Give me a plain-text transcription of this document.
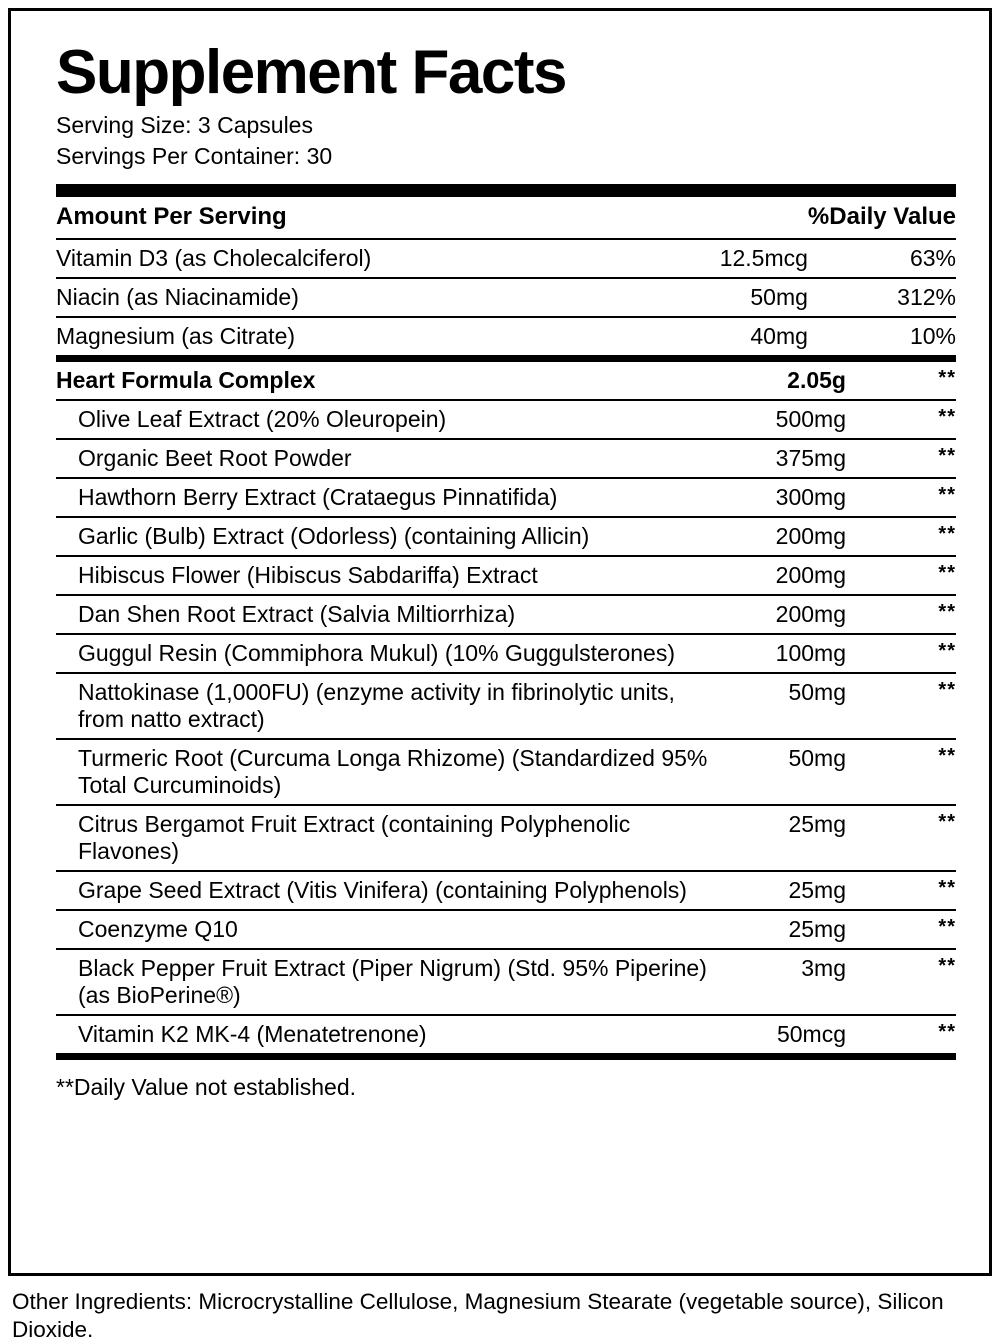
Supplement Facts

Serving Size: 3 Capsules

Servings Per Container: 30

Amount Per Serving		%Daily Value
Vitamin D3 (as Cholecalciferol)	12.5mcg	63%
Niacin (as Niacinamide)	50mg	312%
Magnesium (as Citrate)	40mg	10%
Heart Formula Complex	2.05g	**
Olive Leaf Extract (20% Oleuropein)	500mg	**
Organic Beet Root Powder	375mg	**
Hawthorn Berry Extract (Crataegus Pinnatifida)	300mg	**
Garlic (Bulb) Extract (Odorless) (containing Allicin)	200mg	**
Hibiscus Flower (Hibiscus Sabdariffa) Extract	200mg	**
Dan Shen Root Extract (Salvia Miltiorrhiza)	200mg	**
Guggul Resin (Commiphora Mukul) (10% Guggulsterones)	100mg	**
Nattokinase (1,000FU) (enzyme activity in fibrinolytic units, from natto extract)	50mg	**
Turmeric Root (Curcuma Longa Rhizome) (Standardized 95% Total Curcuminoids)	50mg	**
Citrus Bergamot Fruit Extract (containing Polyphenolic Flavones)	25mg	**
Grape Seed Extract (Vitis Vinifera) (containing Polyphenols)	25mg	**
Coenzyme Q10	25mg	**
Black Pepper Fruit Extract (Piper Nigrum) (Std. 95% Piperine)(as BioPerine®)	3mg	**
Vitamin K2 MK-4 (Menatetrenone)	50mcg	**
**Daily Value not established.
Other Ingredients: Microcrystalline Cellulose, Magnesium Stearate (vegetable source), Silicon Dioxide.
